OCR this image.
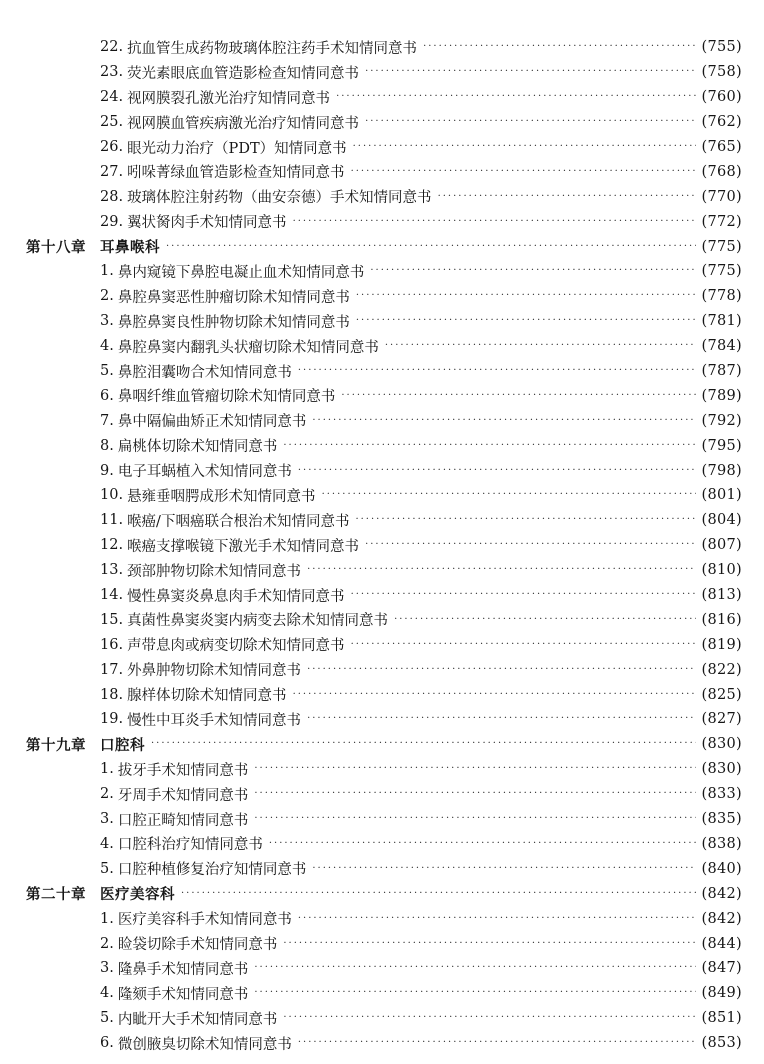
22. 抗血管生成药物玻璃体腔注药手术知情同意书 ·····	(755)
23. 荧光素眼底血管造影检查知情同意书 ·····	(758)
24. 视网膜裂孔激光治疗知情同意书 ·····	(760)
25. 视网膜血管疾病激光治疗知情同意书 ·····	(762)
26. 眼光动力治疗（PDT）知情同意书 ·····	(765)
27. 吲哚菁绿血管造影检查知情同意书 ·····	(768)
28. 玻璃体腔注射药物（曲安奈德）手术知情同意书 ·····	(770)
29. 翼状胬肉手术知情同意书 ·····	(772)
第十八章 耳鼻喉科 ·····	(775)
1. 鼻内窥镜下鼻腔电凝止血术知情同意书 ·····	(775)
2. 鼻腔鼻窦恶性肿瘤切除术知情同意书 ·····	(778)
3. 鼻腔鼻窦良性肿物切除术知情同意书 ·····	(781)
4. 鼻腔鼻窦内翻乳头状瘤切除术知情同意书 ·····	(784)
5. 鼻腔泪囊吻合术知情同意书 ·····	(787)
6. 鼻咽纤维血管瘤切除术知情同意书 ·····	(789)
7. 鼻中隔偏曲矫正术知情同意书 ·····	(792)
8. 扁桃体切除术知情同意书 ·····	(795)
9. 电子耳蜗植入术知情同意书 ·····	(798)
10. 悬雍垂咽腭成形术知情同意书 ·····	(801)
11. 喉癌/下咽癌联合根治术知情同意书 ·····	(804)
12. 喉癌支撑喉镜下激光手术知情同意书 ·····	(807)
13. 颈部肿物切除术知情同意书 ·····	(810)
14. 慢性鼻窦炎鼻息肉手术知情同意书 ·····	(813)
15. 真菌性鼻窦炎窦内病变去除术知情同意书 ·····	(816)
16. 声带息肉或病变切除术知情同意书 ·····	(819)
17. 外鼻肿物切除术知情同意书 ·····	(822)
18. 腺样体切除术知情同意书 ·····	(825)
19. 慢性中耳炎手术知情同意书 ·····	(827)
第十九章 口腔科 ·····	(830)
1. 拔牙手术知情同意书 ·····	(830)
2. 牙周手术知情同意书 ·····	(833)
3. 口腔正畸知情同意书 ·····	(835)
4. 口腔科治疗知情同意书 ·····	(838)
5. 口腔种植修复治疗知情同意书 ·····	(840)
第二十章 医疗美容科 ·····	(842)
1. 医疗美容科手术知情同意书 ·····	(842)
2. 睑袋切除手术知情同意书 ·····	(844)
3. 隆鼻手术知情同意书 ·····	(847)
4. 隆颏手术知情同意书 ·····	(849)
5. 内眦开大手术知情同意书 ·····	(851)
6. 微创腋臭切除术知情同意书 ·····	(853)
